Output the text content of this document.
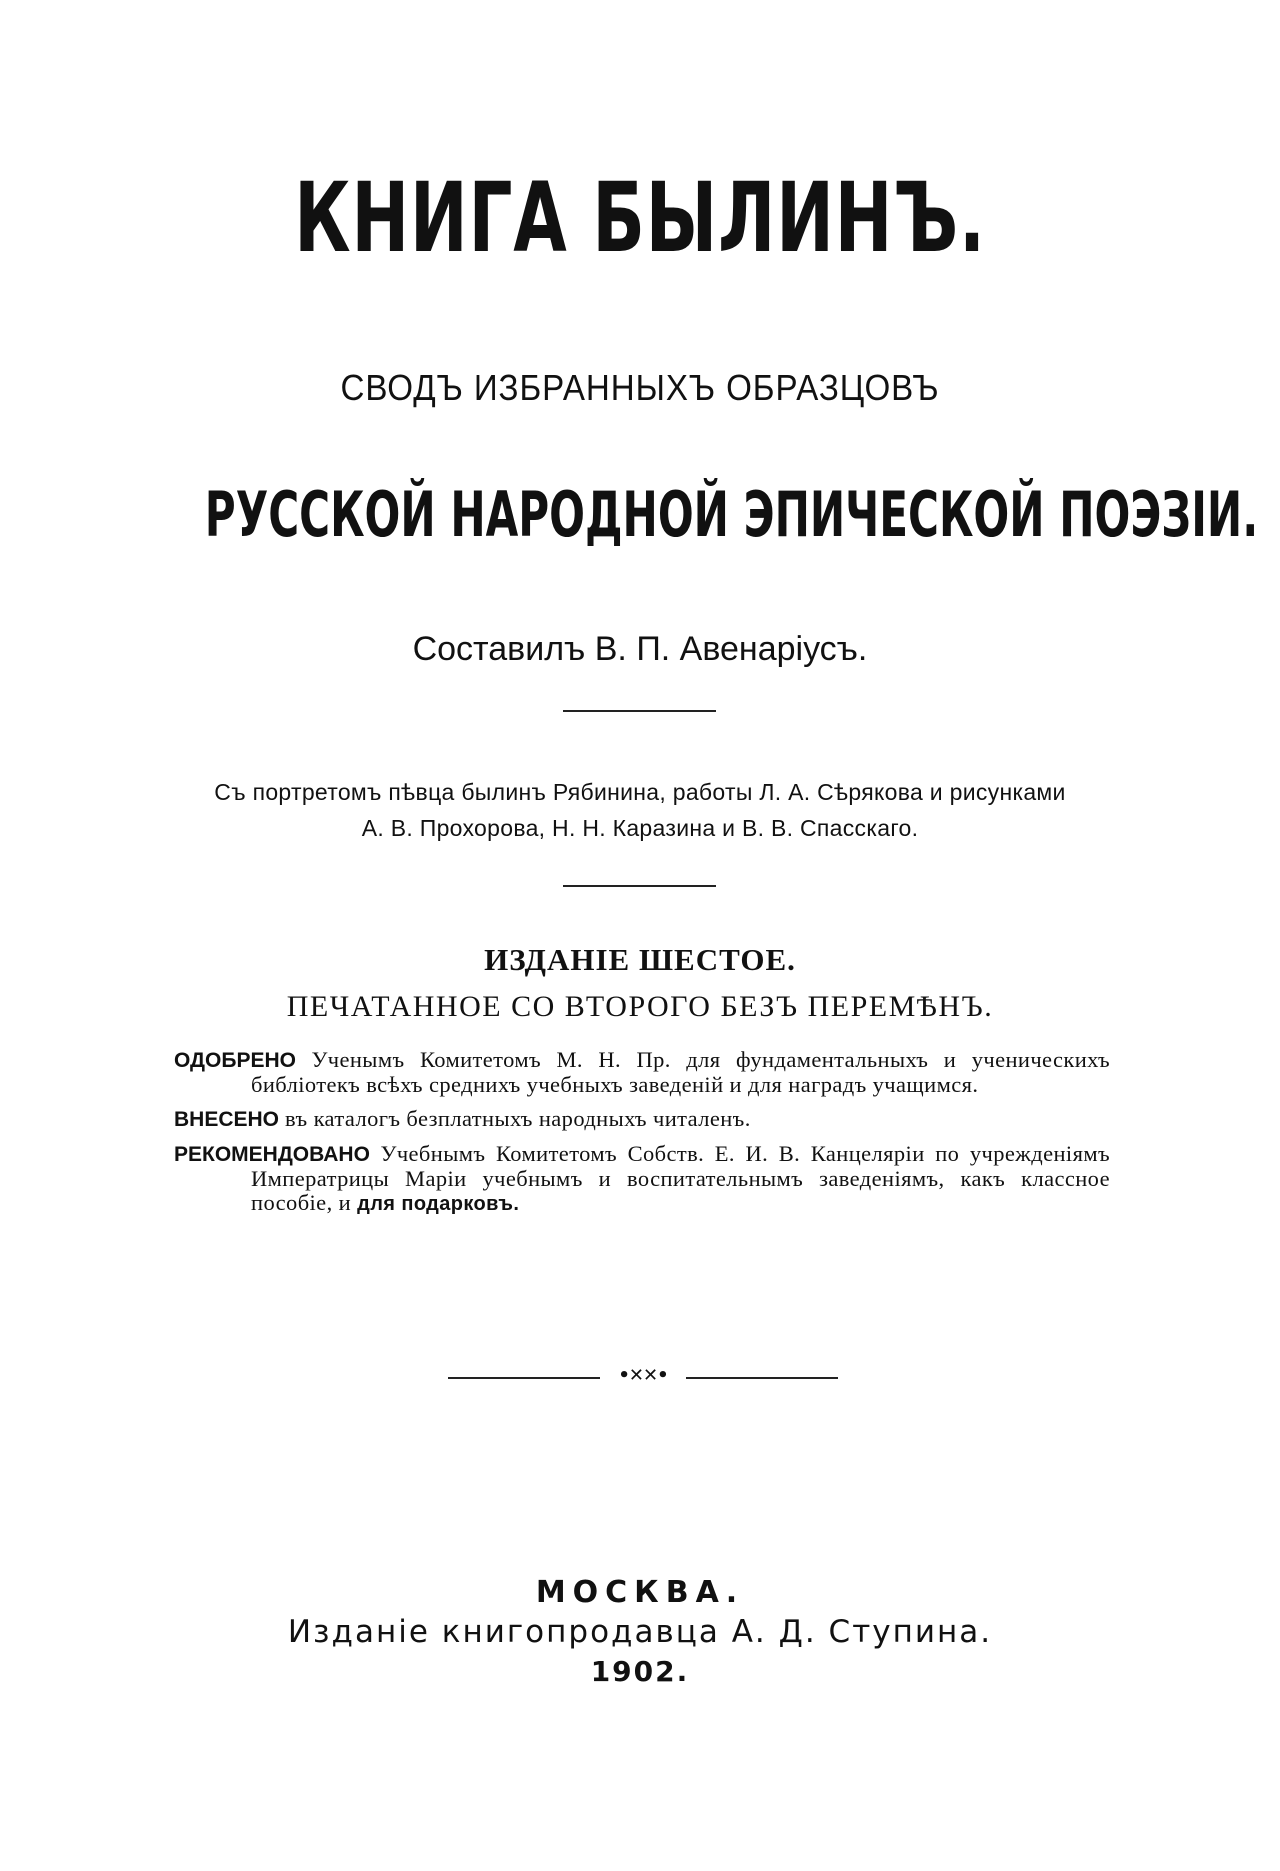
КНИГА БЫЛИНЪ.
СВОДЪ ИЗБРАННЫХЪ ОБРАЗЦОВЪ
РУССКОЙ НАРОДНОЙ ЭПИЧЕСКОЙ ПОЭЗІИ.
Составилъ В. П. Авенаріусъ.
Съ портретомъ пѣвца былинъ Рябинина, работы Л. А. Сѣрякова и рисунками
А. В. Прохорова, Н. Н. Каразина и В. В. Спасскаго.
ИЗДАНІЕ ШЕСТОЕ.
ПЕЧАТАННОЕ СО ВТОРОГО БЕЗЪ ПЕРЕМѢНЪ.

ОДОБРЕНО Ученымъ Комитетомъ М. Н. Пр. для фундаментальныхъ и ученическихъ библіотекъ всѣхъ среднихъ учебныхъ заведеній и для наградъ учащимся.

ВНЕСЕНО въ каталогъ безплатныхъ народныхъ читаленъ.

РЕКОМЕНДОВАНО Учебнымъ Комитетомъ Собств. Е. И. В. Канцеляріи по учрежденіямъ Императрицы Маріи учебнымъ и воспитательнымъ заведеніямъ, какъ классное пособіе, и для подарковъ.

•✕✕•
МОСКВА.
Изданіе книгопродавца А. Д. Ступина.
1902.
